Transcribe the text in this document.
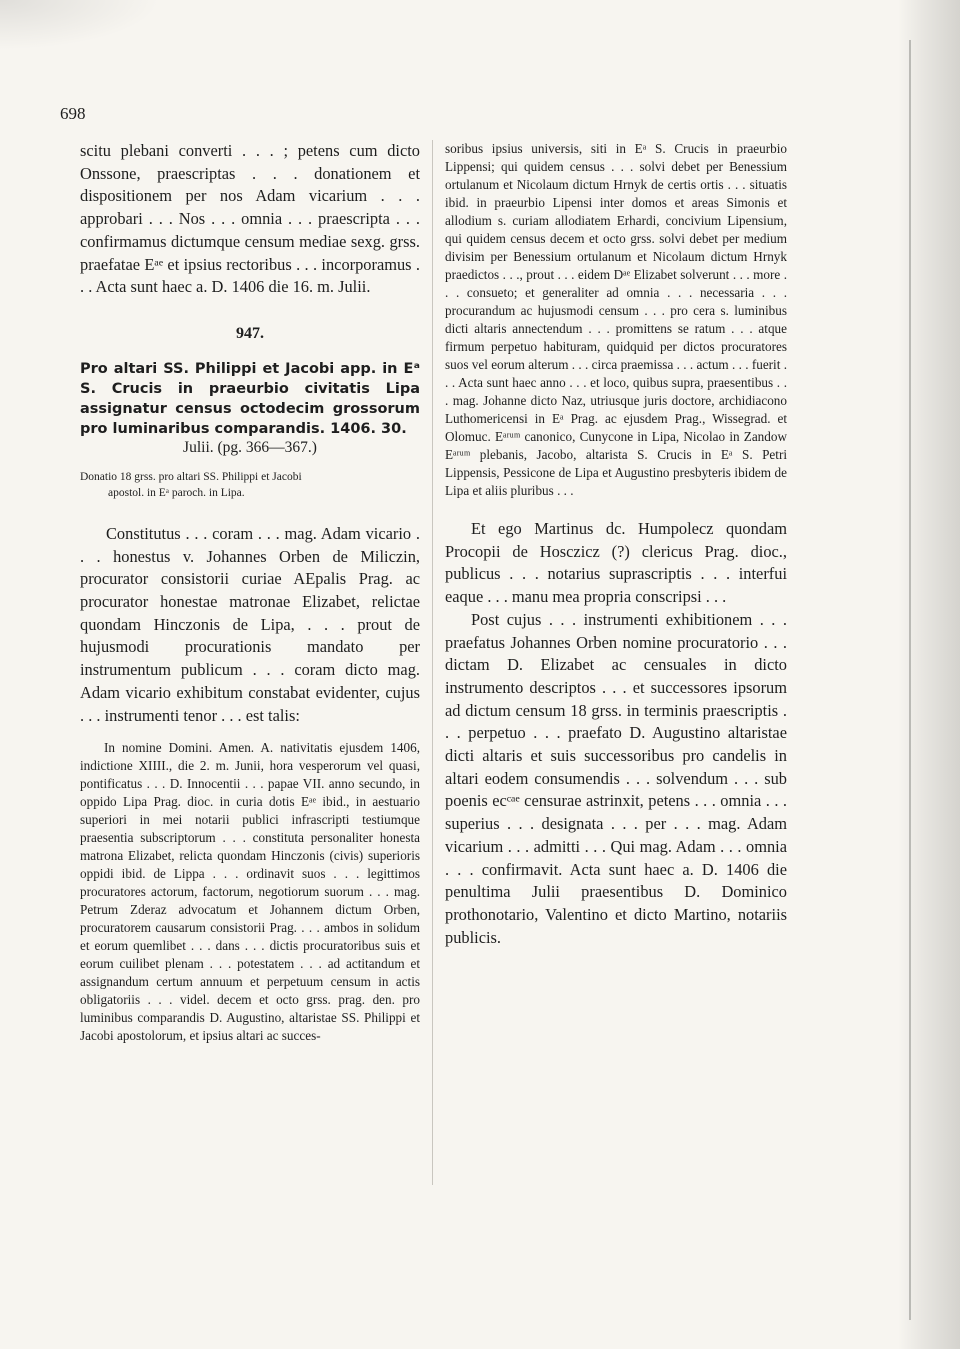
698

scitu plebani converti . . . ; petens cum dicto Onssone, praescriptas . . . donationem et dispositionem per nos Adam vicarium . . . approbari . . . Nos . . . omnia . . . praescripta . . . confirmamus dictumque censum mediae sexg. grss. praefatae Eᵃᵉ et ipsius rectoribus . . . incorporamus . . . Acta sunt haec a. D. 1406 die 16. m. Julii.

947.
Pro altari SS. Philippi et Jacobi app. in Eᵃ S. Crucis in praeurbio civitatis Lipa assignatur census octodecim grossorum pro luminaribus comparandis. 1406. 30.
Julii. (pg. 366—367.)

Donatio 18 grss. pro altari SS. Philippi et Jacobi

apostol. in Eᵃ paroch. in Lipa.

Constitutus . . . coram . . . mag. Adam vicario . . . honestus v. Johannes Orben de Miliczin, procurator consistorii curiae AEpalis Prag. ac procurator honestae matronae Elizabet, relictae quondam Hinczonis de Lipa, . . . prout de hujusmodi procurationis mandato per instrumentum publicum . . . coram dicto mag. Adam vicario exhibitum constabat evidenter, cujus . . . instrumenti tenor . . . est talis:

In nomine Domini. Amen. A. nativitatis ejusdem 1406, indictione XIIII., die 2. m. Junii, hora vesperorum vel quasi, pontificatus . . . D. Innocentii . . . papae VII. anno secundo, in oppido Lipa Prag. dioc. in curia dotis Eᵃᵉ ibid., in aestuario superiori in mei notarii publici infrascripti testiumque praesentia subscriptorum . . . constituta personaliter honesta matrona Elizabet, relicta quondam Hinczonis (civis) superioris oppidi ibid. de Lippa . . . ordinavit suos . . . legittimos procuratores actorum, factorum, negotiorum suorum . . . mag. Petrum Zderaz advocatum et Johannem dictum Orben, procuratorem causarum consistorii Prag. . . . ambos in solidum et eorum quemlibet . . . dans . . . dictis procuratoribus suis et eorum cuilibet plenam . . . potestatem . . . ad actitandum et assignandum certum annuum et perpetuum censum in actis obligatoriis . . . videl. decem et octo grss. prag. den. pro luminibus comparandis D. Augustino, altaristae SS. Philippi et Jacobi apostolorum, et ipsius altari ac succes-

soribus ipsius universis, siti in Eᵃ S. Crucis in praeurbio Lippensi; qui quidem census . . . solvi debet per Benessium ortulanum et Nicolaum dictum Hrnyk de certis ortis . . . situatis ibid. in praeurbio Lipensi inter domos et areas Simonis et allodium s. curiam allodiatem Erhardi, concivium Lipensium, qui quidem census decem et octo grss. solvi debet per medium divisim per Benessium ortulanum et Nicolaum dictum Hrnyk praedictos . . ., prout . . . eidem Dᵃᵉ Elizabet solverunt . . . more . . . consueto; et generaliter ad omnia . . . necessaria . . . procurandum ac hujusmodi censum . . . pro cera s. luminibus dicti altaris annectendum . . . promittens se ratum . . . atque firmum perpetuo habituram, quidquid per dictos procuratores suos vel eorum alterum . . . circa praemissa . . . actum . . . fuerit . . . Acta sunt haec anno . . . et loco, quibus supra, praesentibus . . . mag. Johanne dicto Naz, utriusque juris doctore, archidiacono Luthomericensi in Eᵃ Prag. ac ejusdem Prag., Wissegrad. et Olomuc. Eᵃʳᵘᵐ canonico, Cunycone in Lipa, Nicolao in Zandow Eᵃʳᵘᵐ plebanis, Jacobo, altarista S. Crucis in Eᵃ S. Petri Lippensis, Pessicone de Lipa et Augustino presbyteris ibidem de Lipa et aliis pluribus . . .

Et ego Martinus dc. Humpolecz quondam Procopii de Hosczicz (?) clericus Prag. dioc., publicus . . . notarius suprascriptis . . . interfui eaque . . . manu mea propria conscripsi . . .

Post cujus . . . instrumenti exhibitionem . . . praefatus Johannes Orben nomine procuratorio . . . dictam D. Elizabet ac censuales in dicto instrumento descriptos . . . et successores ipsorum ad dictum censum 18 grss. in terminis praescriptis . . . perpetuo . . . praefato D. Augustino altaristae dicti altaris et suis successoribus pro candelis in altari eodem consumendis . . . solvendum . . . sub poenis ecᶜᵃᵉ censurae astrinxit, petens . . . omnia . . . superius . . . designata . . . per . . . mag. Adam vicarium . . . admitti . . . Qui mag. Adam . . . omnia . . . confirmavit. Acta sunt haec a. D. 1406 die penultima Julii praesentibus D. Dominico prothonotario, Valentino et dicto Martino, notariis publicis.
